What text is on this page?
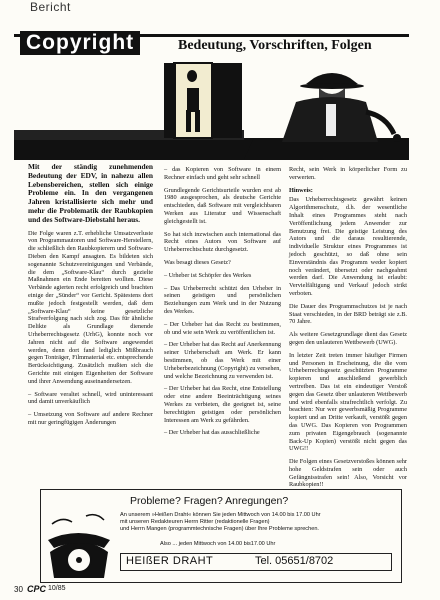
Bericht
Copyright	Bedeutung, Vorschriften, Folgen

Mit der ständig zunehmenden Bedeutung der EDV, in nahezu allen Lebensbereichen, stellen sich einige Probleme ein. In den vergangenen Jahren kristallisierte sich mehr und mehr die Problematik der Raubkopien und des Software-Diebstahl heraus.

Die Folge waren z.T. erhebliche Umsatzverluste von Programmautoren und Software-Herstellern, die schließlich den Raubkopierern und Software-Dieben den Kampf ansagten. Es bildeten sich sogenannte Schutzvereinigungen und Verbände, die dem „Software-Klau“ durch gezielte Maßnahmen ein Ende bereiten wollten. Diese Verbände agierten recht erfolgreich und brachten einige der „Sünder“ vor Gericht. Spätestens dort mußte jedoch festgestellt werden, daß dem „Software-Klau“ keine gesetzliche Strafverfolgung nach sich zog. Das für ähnliche Delikte als Grundlage dienende Urheberrechtsgesetz (UrhG), konnte noch vor Jahren nicht auf die Software angewendet werden, denn dort fand lediglich Mißbrauch gegen Tonträger, Filmmaterial etc. entsprechende Berücksichtigung. Zusätzlich mußten sich die Gerichte mit einigen Eigenheiten der Software und ihrer Anwendung auseinandersetzen.

– Software veraltet schnell, wird uninteressant und damit unverkäuflich

– Umsetzung von Software auf andere Rechner mit nur geringfügigen Änderungen

– das Kopieren von Software in einem Rechner einfach und geht sehr schnell

Grundlegende Gerichtsurteile wurden erst ab 1980 ausgesprochen, als deutsche Gerichte entschieden, daß Software mit vergleichbaren Werken aus Literatur und Wissenschaft gleichgestellt ist.

So hat sich inzwischen auch international das Recht eines Autors von Software auf Urheberrechtschutz durchgesetzt.

Was besagt dieses Gesetz?

– Urheber ist Schöpfer des Werkes

– Das Urheberrecht schützt den Urheber in seinen geistigen und persönlichen Beziehungen zum Werk und in der Nutzung des Werkes.

– Der Urheber hat das Recht zu bestimmen, ob und wie sein Werk zu veröffentlichen ist.

– Der Urheber hat das Recht auf Anerkennung seiner Urheberschaft am Werk. Er kann bestimmen, ob das Werk mit einer Urheberbezeichnung (Copyright) zu versehen, und welche Bezeichnung zu verwenden ist.

– Der Urheber hat das Recht, eine Entstellung oder eine andere Beeinträchtigung seines Werkes zu verbieten, die geeignet ist, seine berechtigten geistigen oder persönlichen Interessen am Werk zu gefährden.

– Der Urheber hat das ausschließliche

Recht, sein Werk in körperlicher Form zu verwerten.

Hinweis:

Das Urheberrechtsgesetz gewährt keinen Algorithmenschutz, d.h. der wesentliche Inhalt eines Programmes steht nach Veröffentlichung jedem Anwender zur Benutzung frei. Die geistige Leistung des Autors und die daraus resultierende, individuelle Struktur eines Programmes ist jedoch geschützt, so daß ohne sein Einverständnis das Programm weder kopiert noch verändert, übersetzt oder nachgeahmt werden darf. Die Anwendung ist erlaubt: Vervielfältigung und Verkauf jedoch strikt verboten.

Die Dauer des Programmschutzes ist je nach Staat verschieden, in der BRD beträgt sie z.B. 70 Jahre.

Als weitere Gesetzgrundlage dient das Gesetz gegen den unlauteren Wettbewerb (UWG).

In letzter Zeit treten immer häufiger Firmen und Personen in Erscheinung, die die vom Urheberrechtsgesetz geschützten Programme kopieren und anschließend gewerblich vertreiben. Das ist ein eindeutiger Verstoß gegen das Gesetz über unlauteren Wettbewerb und wird ebenfalls strafrechtlich verfolgt. Zu beachten: Nur wer gewerbsmäßig Programme kopiert und an Dritte verkauft, verstößt gegen das UWG. Das Kopieren von Programmen zum privaten Eigengebrauch (sogenannte Back-Up Kopien) verstößt nicht gegen das UWG!!

Die Folgen eines Gesetzverstoßes können sehr hohe Geldstrafen sein oder auch Gefängnisstrafen sein! Also, Vorsicht vor Raubkopien!!

Probleme? Fragen? Anregungen?
An unserem »Heißen Draht« können Sie jeden Mittwoch von 14.00 bis 17.00 Uhr
mit unseren Redakteuren Herrn Ritter (redaktionelle Fragen)
und Herrn Mangen (programmtechnische Fragen) über Ihre Probleme sprechen.
Also ... jeden Mittwoch von 14.00 bis17.00 Uhr
HEIßER DRAHT	Tel. 05651/8702
30 CPC 10/85
